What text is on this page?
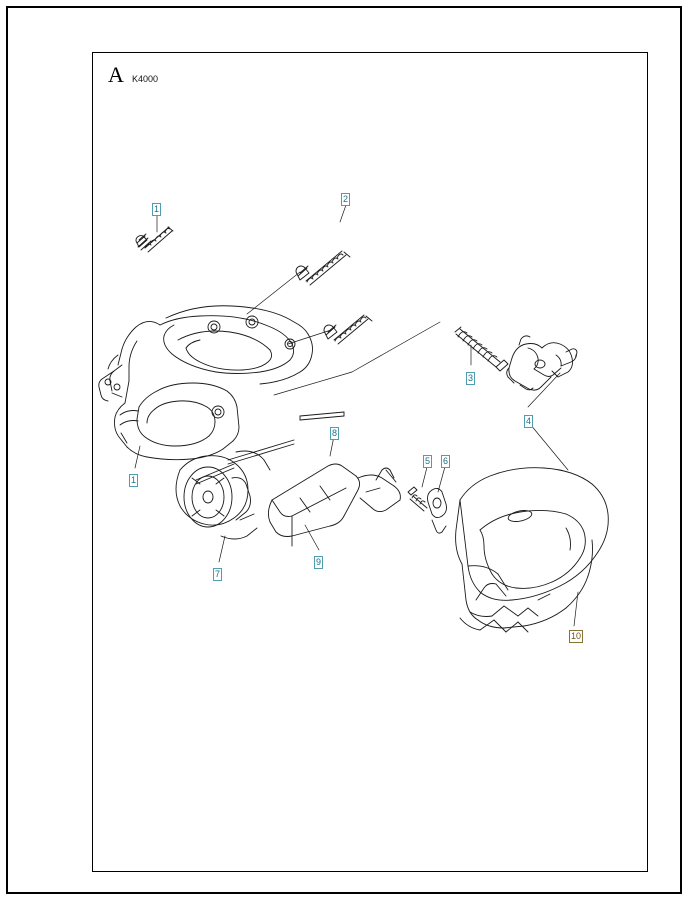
A K4000
1
2
3
4
5 6
1
7
8
9
10
